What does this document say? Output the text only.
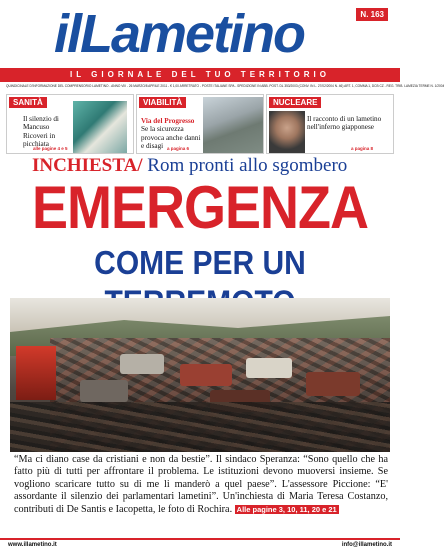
ilLametino	N. 163
IL GIORNALE DEL TUO TERRITORIO
QUINDICINALE D'INFORMAZIONE DEL COMPRENSORIO LAMETINO - ANNO VIII - 26 MARZO/8 APRILE 2011 - € 1,00 ARRETRATO - POSTE ITALIANE SPA - SPEDIZIONE IN ABB. POST. DL 353/2003 (CONV. IN L. 27/02/2004 N. 46) ART. 1, COMMA 1, DCB CZ - REG. TRIB. LAMEZIA TERME N. 1/2004
SANITÀ
Il silenzio di Mancuso Ricoveri in picchiata
alle pagine 4 e 5
VIABILITÀ
Via del Progresso
Se la sicurezza provoca anche danni e disagi a pagina 6
NUCLEARE
Il racconto di un lametino nell'inferno giapponese
a pagina 8
INCHIESTA/ Rom pronti allo sgombero
EMERGENZA
COME PER UN
“Ma ci diano case da cristiani e non da bestie”. Il sindaco Speranza: “Sono quello che ha fatto più di tutti per affrontare il problema. Le istituzioni devono muoversi insieme. Se vogliono scaricare tutto su di me li manderò a quel paese”. L'assessore Piccione: “E' assordante il silenzio dei parlamentari lametini”. Un'inchiesta di Maria Teresa Costanzo, contributi di De Santis e Iacopetta, le foto di Rochira. Alle pagine 3, 10, 11, 20 e 21
www.illametino.it	info@illametino.it
